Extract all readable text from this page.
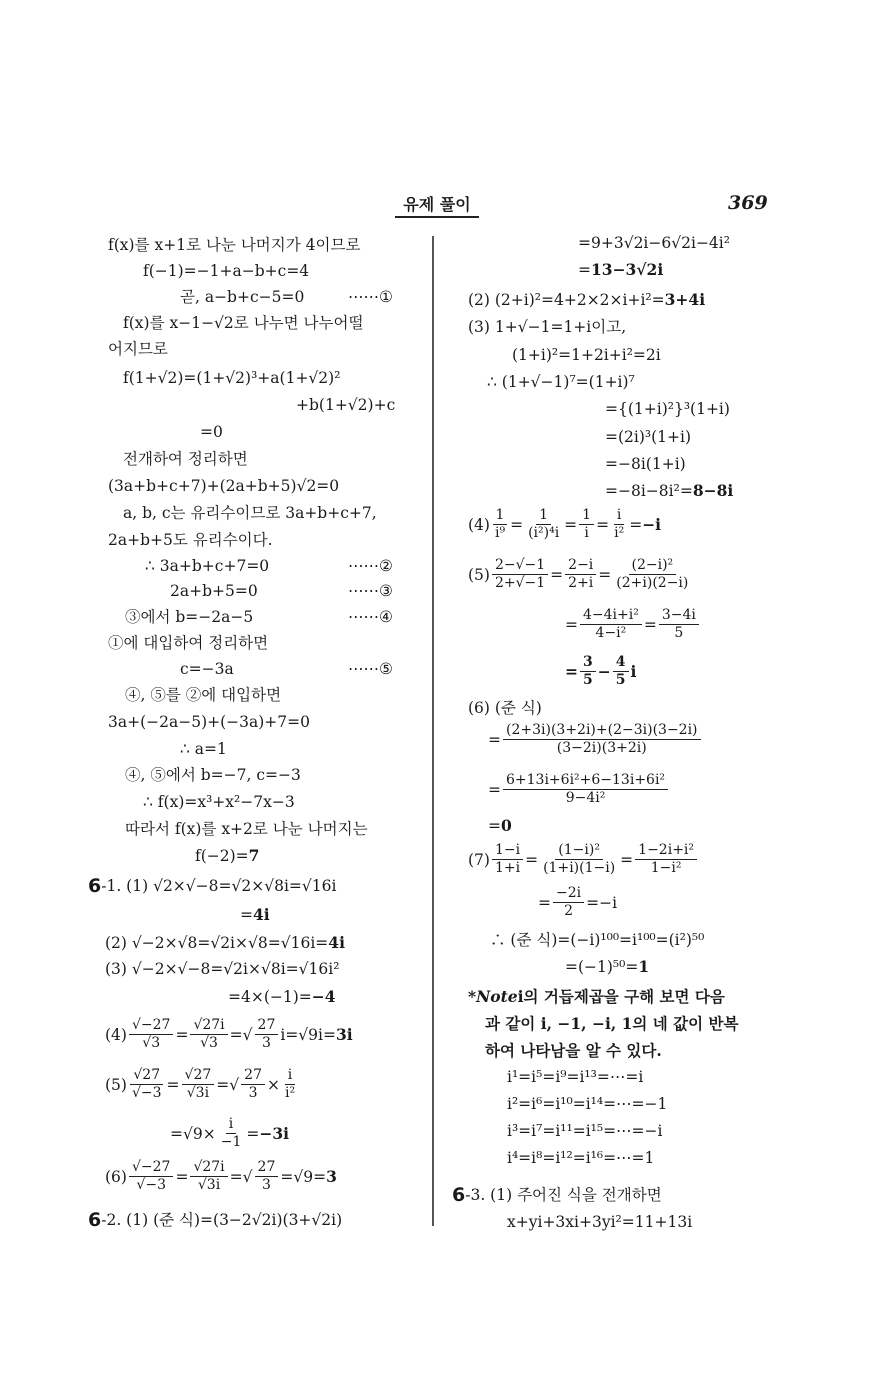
유제 풀이	369
f(x)를 x+1로 나눈 나머지가 4이므로
f(−1)=−1+a−b+c=4
곧, a−b+c−5=0
f(x)를 x−1−√2로 나누면 나누어떨
어지므로
f(1+√2)=(1+√2)³+a(1+√2)²
+b(1+√2)+c
=0
전개하여 정리하면
(3a+b+c+7)+(2a+b+5)√2=0
a, b, c는 유리수이므로 3a+b+c+7,
2a+b+5도 유리수이다.
∴ 3a+b+c+7=0
2a+b+5=0
③에서 b=−2a−5
①에 대입하여 정리하면
c=−3a
④, ⑤를 ②에 대입하면
3a+(−2a−5)+(−3a)+7=0
∴ a=1
④, ⑤에서 b=−7, c=−3
∴ f(x)=x³+x²−7x−3
따라서 f(x)를 x+2로 나눈 나머지는
f(−2)= 7
6 -1. (1) √2×√−8=√2×√8i=√16i
= 4i
(2) √−2×√8=√2i×√8=√16i= 4i
(3) √−2×√−8=√2i×√8i=√16i²
=4×(−1)= −4
$(4) \frac{√-27}{√3} = \frac{√27i}{√3}$ =√ $\frac{27}{3} i=√9i= 3i$
$(5) \frac{√27}{√-3} = \frac{√27}{√3i}$ =√ $\frac{27}{3} \times \frac{i}{\text{i²}}$
$=√9\times \frac{i}{-1} = -3i$
$(6) \frac{√-27}{√-3} = \frac{√27i}{√3i}$ =√ $\frac{27}{3} =√9= 3$
6 -2. (1) (준 식)=(3−2√2i)(3+√2i)
⋯⋯①
⋯⋯②
⋯⋯③
⋯⋯④
⋯⋯⑤
=9+3√2i−6√2i−4i²
= 13−3√2i
(2) (2+i)²=4+2×2×i+i²= 3+4i
(3) 1+√−1=1+i이고,
(1+i)²=1+2i+i²=2i
∴ (1+√−1)⁷=(1+i)⁷
={(1+i)²}³(1+i)
=(2i)³(1+i)
=−8i(1+i)
=−8i−8i²= 8−8i
$(4) \frac{1}{\text{i⁹}} = \frac{1}{\text{(i²)⁴i}} = \frac{1}{i} = \frac{i}{\text{i²}} = -i$
$(5) \frac{2-√-1}{2+√-1} = \frac{2-i}{2+i} = \frac{\text{(2−i)²}}{(2+i)(2-i)}$
= $\frac{\text{4−4i+i²}}{\text{4−i²}} = \frac{3-4i}{5}$
= $\frac{3}{5} - \frac{4}{5}$ i
(6) (준 식)
= $\frac{(2+3i)(3+2i)+(2-3i)(3-2i)}{(3-2i)(3+2i)}$
= $\frac{\text{6+13i+6i²+6−13i+6i²}}{\text{9−4i²}}$
= 0
$(7) \frac{1-i}{1+i} = \frac{\text{(1−i)²}}{(1+i)(1-i)} = \frac{\text{1−2i+i²}}{\text{1−i²}}$
= $\frac{-2i}{2} =-i$
∴ (준 식)=(−i)¹⁰⁰=i¹⁰⁰=(i²)⁵⁰
=(−1)⁵⁰= 1
*Note i의 거듭제곱을 구해 보면 다음
과 같이 i, −1, −i, 1의 네 값이 반복
하여 나타남을 알 수 있다.
i¹=i⁵=i⁹=i¹³=⋯=i
i²=i⁶=i¹⁰=i¹⁴=⋯=−1
i³=i⁷=i¹¹=i¹⁵=⋯=−i
i⁴=i⁸=i¹²=i¹⁶=⋯=1
6 -3. (1) 주어진 식을 전개하면
x+yi+3xi+3yi²=11+13i
